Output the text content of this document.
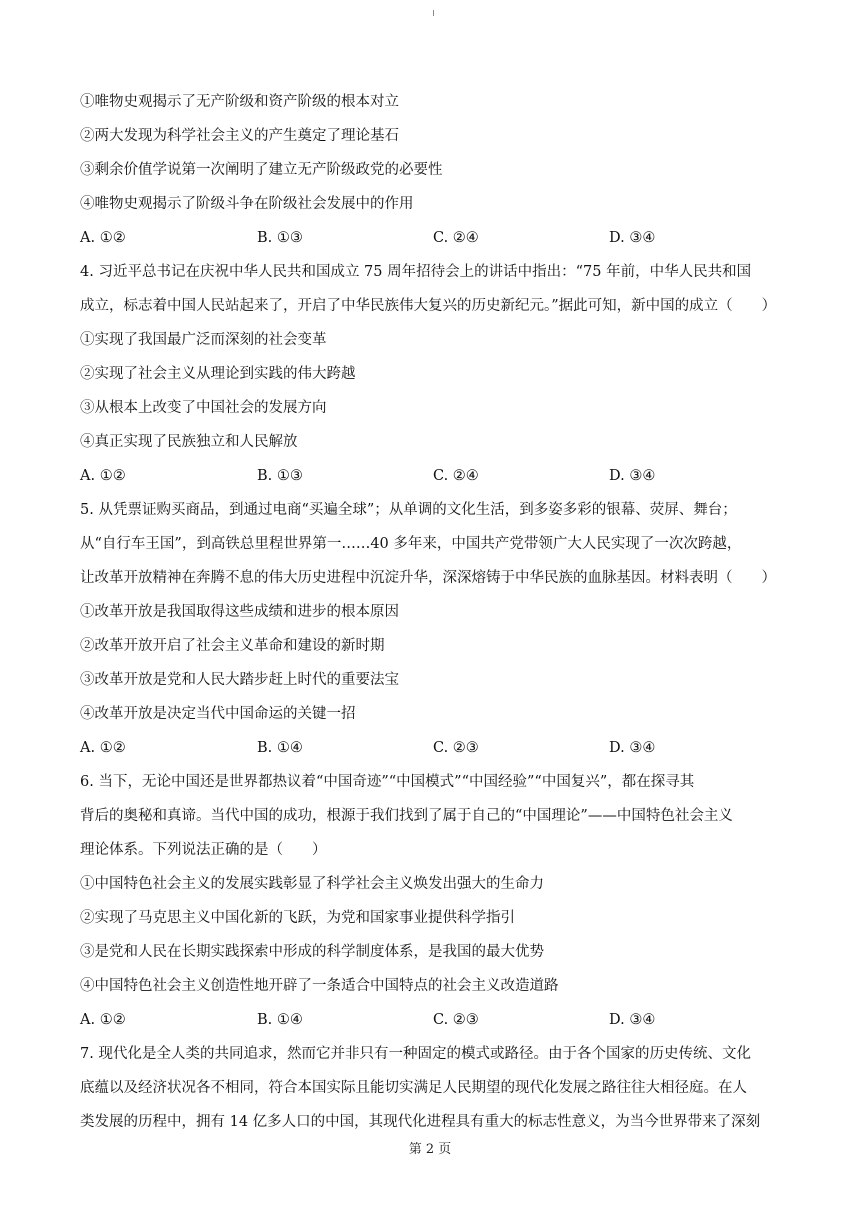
①唯物史观揭示了无产阶级和资产阶级的根本对立
②两大发现为科学社会主义的产生奠定了理论基石
③剩余价值学说第一次阐明了建立无产阶级政党的必要性
④唯物史观揭示了阶级斗争在阶级社会发展中的作用
A. ①②	B. ①③	C. ②④	D. ③④
4. 习近平总书记在庆祝中华人民共和国成立 75 周年招待会上的讲话中指出：“75 年前，中华人民共和国
成立，标志着中国人民站起来了，开启了中华民族伟大复兴的历史新纪元。”据此可知，新中国的成立（　　）
①实现了我国最广泛而深刻的社会变革
②实现了社会主义从理论到实践的伟大跨越
③从根本上改变了中国社会的发展方向
④真正实现了民族独立和人民解放
A. ①②	B. ①③	C. ②④	D. ③④
5. 从凭票证购买商品，到通过电商“买遍全球”；从单调的文化生活，到多姿多彩的银幕、荧屏、舞台；
从“自行车王国”，到高铁总里程世界第一……40 多年来，中国共产党带领广大人民实现了一次次跨越，
让改革开放精神在奔腾不息的伟大历史进程中沉淀升华，深深熔铸于中华民族的血脉基因。材料表明（　　）
①改革开放是我国取得这些成绩和进步的根本原因
②改革开放开启了社会主义革命和建设的新时期
③改革开放是党和人民大踏步赶上时代的重要法宝
④改革开放是决定当代中国命运的关键一招
A. ①②	B. ①④	C. ②③	D. ③④
6. 当下，无论中国还是世界都热议着“中国奇迹”“中国模式”“中国经验”“中国复兴”，都在探寻其
背后的奥秘和真谛。当代中国的成功，根源于我们找到了属于自己的“中国理论”——中国特色社会主义
理论体系。下列说法正确的是（　　）
①中国特色社会主义的发展实践彰显了科学社会主义焕发出强大的生命力
②实现了马克思主义中国化新的飞跃，为党和国家事业提供科学指引
③是党和人民在长期实践探索中形成的科学制度体系，是我国的最大优势
④中国特色社会主义创造性地开辟了一条适合中国特点的社会主义改造道路
A. ①②	B. ①④	C. ②③	D. ③④
7. 现代化是全人类的共同追求，然而它并非只有一种固定的模式或路径。由于各个国家的历史传统、文化
底蕴以及经济状况各不相同，符合本国实际且能切实满足人民期望的现代化发展之路往往大相径庭。在人
类发展的历程中，拥有 14 亿多人口的中国，其现代化进程具有重大的标志性意义，为当今世界带来了深刻
第 2 页
